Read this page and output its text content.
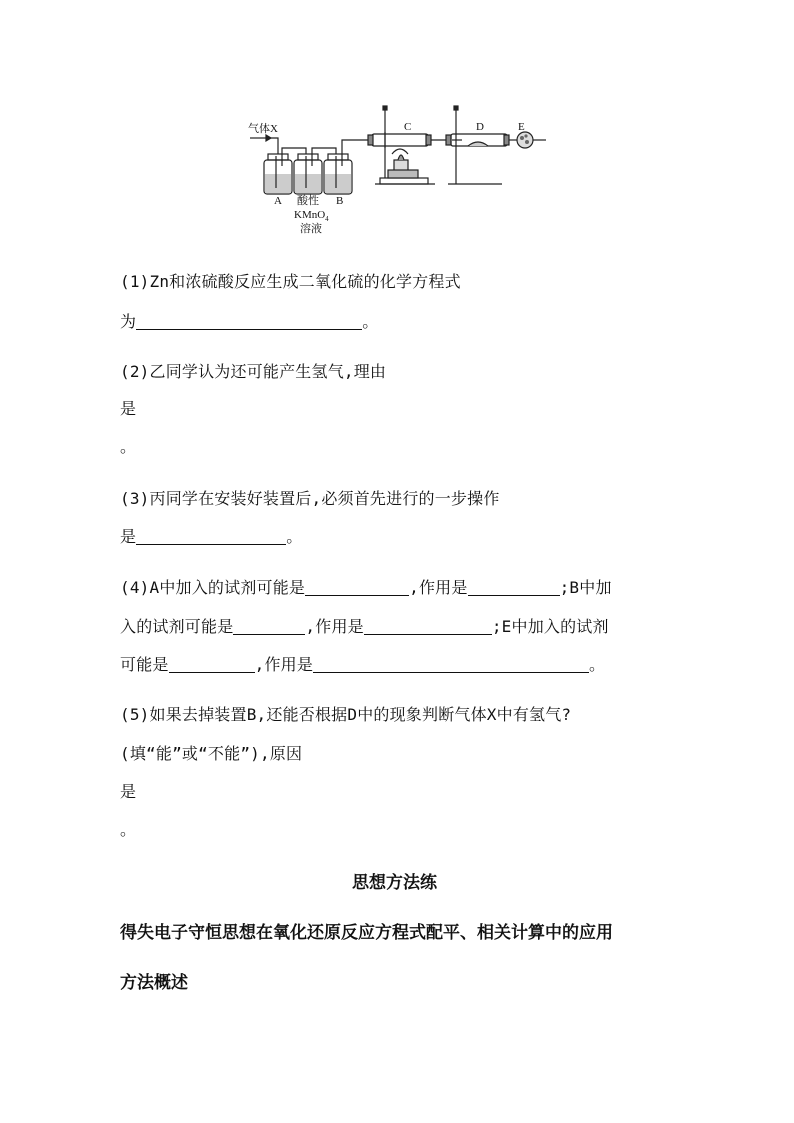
气体X
A 酸性 B
KMnO$_4$
溶液
C	D	E
(1)Zn和浓硫酸反应生成二氧化硫的化学方程式
为	。
(2)乙同学认为还可能产生氢气,理由
是
。
(3)丙同学在安装好装置后,必须首先进行的一步操作
是	。
(4)A中加入的试剂可能是	,作用是	;B中加
入的试剂可能是	,作用是	;E中加入的试剂
可能是	,作用是	。
(5)如果去掉装置B,还能否根据D中的现象判断气体X中有氢气?
(填“能”或“不能”),原因
是
。
思想方法练
得失电子守恒思想在氧化还原反应方程式配平、相关计算中的应用
方法概述
